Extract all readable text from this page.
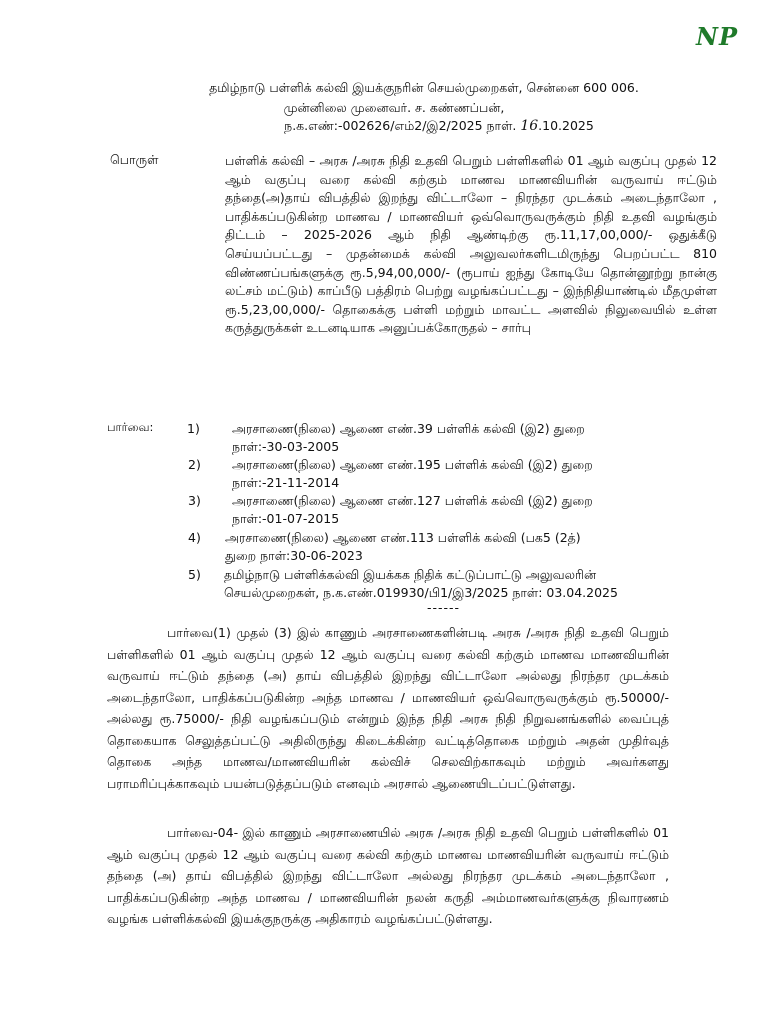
NP
தமிழ்நாடு பள்ளிக் கல்வி இயக்குநரின் செயல்முறைகள், சென்னை 600 006.
முன்னிலை முனைவர். ச. கண்ணப்பன்,
ந.க.எண்:-002626/எம்2/இ2/2025 நாள். 16.10.2025
பொருள்	பள்ளிக் கல்வி – அரசு /அரசு நிதி உதவி பெறும் பள்ளிகளில் 01 ஆம் வகுப்பு முதல் 12 ஆம் வகுப்பு வரை கல்வி கற்கும் மாணவ மாணவியரின் வருவாய் ஈட்டும் தந்தை(அ)தாய் விபத்தில் இறந்து விட்டாலோ – நிரந்தர முடக்கம் அடைந்தாலோ , பாதிக்கப்படுகின்ற மாணவ / மாணவியர் ஒவ்வொருவருக்கும் நிதி உதவி வழங்கும் திட்டம் – 2025-2026 ஆம் நிதி ஆண்டிற்கு ரூ.11,17,00,000/- ஒதுக்கீடு செய்யப்பட்டது – முதன்மைக் கல்வி அலுவலர்களிடமிருந்து பெறப்பட்ட 810 விண்ணப்பங்களுக்கு ரூ.5,94,00,000/- (ரூபாய் ஐந்து கோடியே தொன்னூற்று நான்கு லட்சம் மட்டும்) காப்பீடு பத்திரம் பெற்று வழங்கப்பட்டது – இந்நிதியாண்டில் மீதமுள்ள ரூ.5,23,00,000/- தொகைக்கு பள்ளி மற்றும் மாவட்ட அளவில் நிலுவையில் உள்ள கருத்துருக்கள் உடனடியாக அனுப்பக்கோருதல் – சார்பு
பார்வை:	1)	அரசாணை(நிலை) ஆணை எண்.39 பள்ளிக் கல்வி (இ2) துறை
நாள்:-30-03-2005
2)	அரசாணை(நிலை) ஆணை எண்.195 பள்ளிக் கல்வி (இ2) துறை
நாள்:-21-11-2014
3)	அரசாணை(நிலை) ஆணை எண்.127 பள்ளிக் கல்வி (இ2) துறை
நாள்:-01-07-2015
4)	அரசாணை(நிலை) ஆணை எண்.113 பள்ளிக் கல்வி (பக5 (2த்)
துறை நாள்:30-06-2023
5)	தமிழ்நாடு பள்ளிக்கல்வி இயக்கக நிதிக் கட்டுப்பாட்டு அலுவலரின்
செயல்முறைகள், ந.க.எண்.019930/பி1/இ3/2025 நாள்: 03.04.2025
------
பார்வை(1) முதல் (3) இல் காணும் அரசாணைகளின்படி அரசு /அரசு நிதி உதவி பெறும் பள்ளிகளில் 01 ஆம் வகுப்பு முதல் 12 ஆம் வகுப்பு வரை கல்வி கற்கும் மாணவ மாணவியரின் வருவாய் ஈட்டும் தந்தை (அ) தாய் விபத்தில் இறந்து விட்டாலோ அல்லது நிரந்தர முடக்கம் அடைந்தாலோ, பாதிக்கப்படுகின்ற அந்த மாணவ / மாணவியர் ஒவ்வொருவருக்கும் ரூ.50000/- அல்லது ரூ.75000/- நிதி வழங்கப்படும் என்றும் இந்த நிதி அரசு நிதி நிறுவனங்களில் வைப்புத் தொகையாக செலுத்தப்பட்டு அதிலிருந்து கிடைக்கின்ற வட்டித்தொகை மற்றும் அதன் முதிர்வுத் தொகை அந்த மாணவ/மாணவியரின் கல்விச் செலவிற்காகவும் மற்றும் அவர்களது பராமரிப்புக்காகவும் பயன்படுத்தப்படும் எனவும் அரசால் ஆணையிடப்பட்டுள்ளது.
பார்வை-04- இல் காணும் அரசாணையில் அரசு /அரசு நிதி உதவி பெறும் பள்ளிகளில் 01 ஆம் வகுப்பு முதல் 12 ஆம் வகுப்பு வரை கல்வி கற்கும் மாணவ மாணவியரின் வருவாய் ஈட்டும் தந்தை (அ) தாய் விபத்தில் இறந்து விட்டாலோ அல்லது நிரந்தர முடக்கம் அடைந்தாலோ , பாதிக்கப்படுகின்ற அந்த மாணவ / மாணவியரின் நலன் கருதி அம்மாணவர்களுக்கு நிவாரணம் வழங்க பள்ளிக்கல்வி இயக்குநருக்கு அதிகாரம் வழங்கப்பட்டுள்ளது.
